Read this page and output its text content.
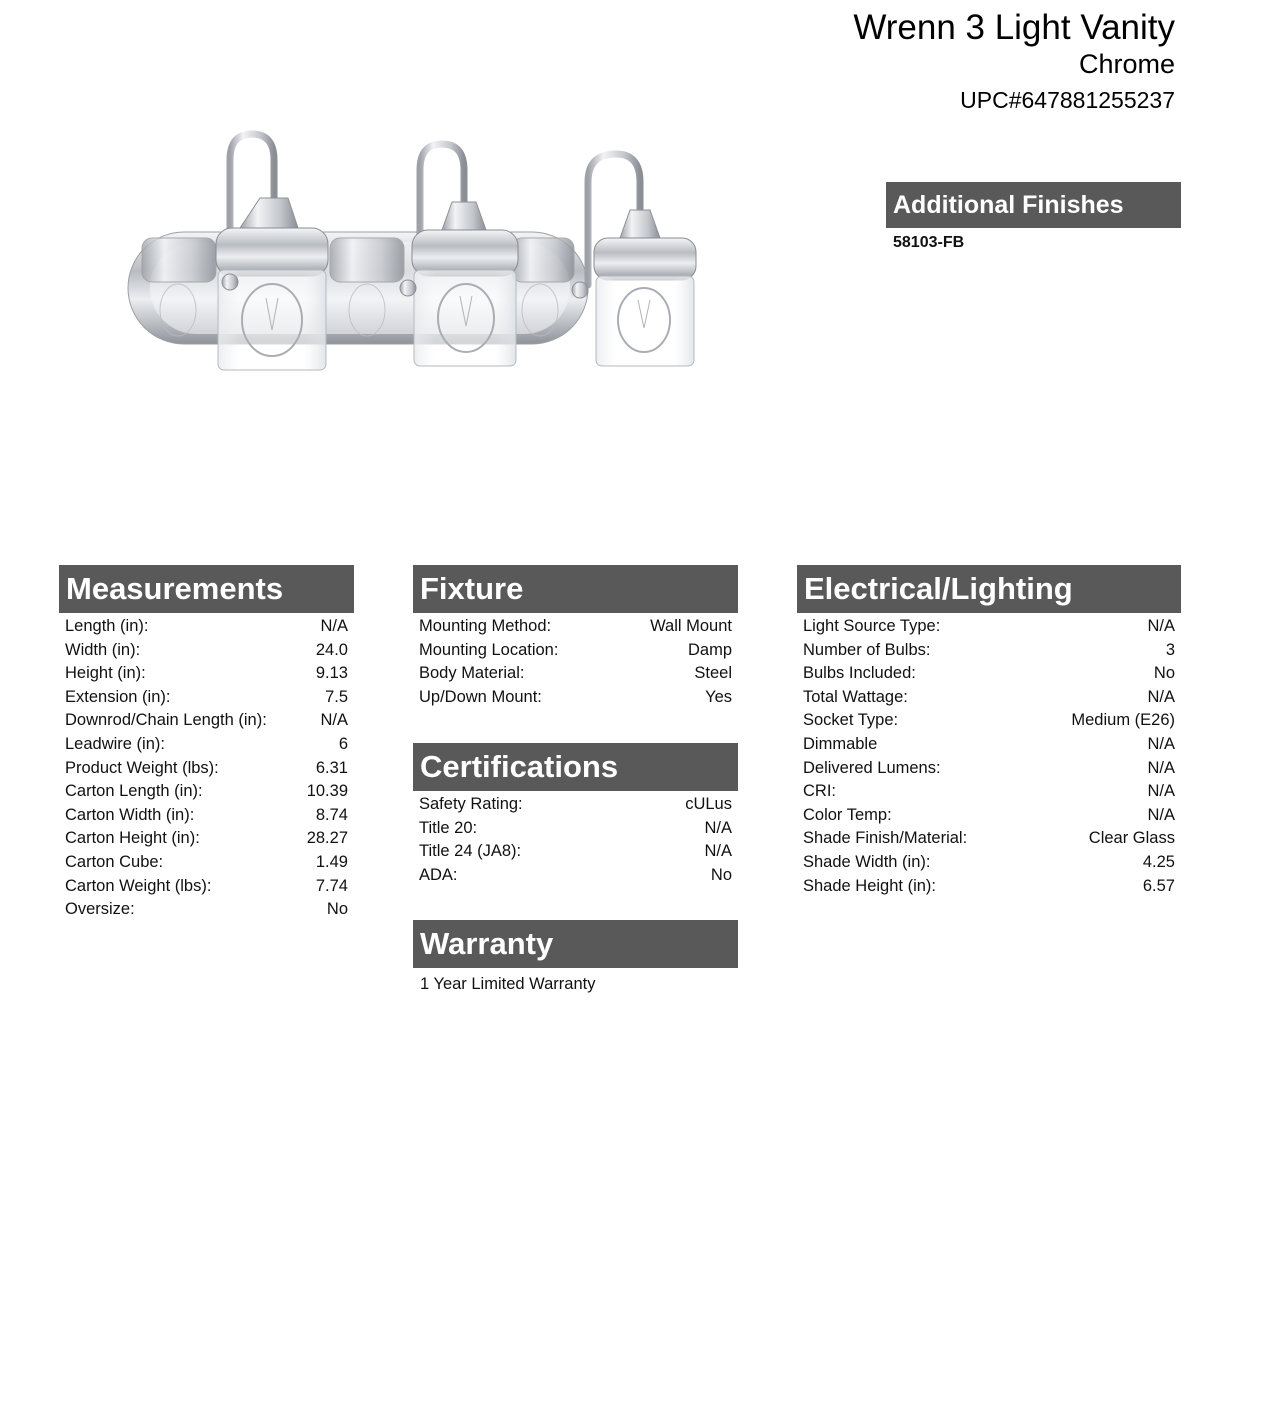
Wrenn 3 Light Vanity
Chrome
UPC#647881255237
Additional Finishes
58103-FB
Measurements
Length (in):	N/A
Width (in):	24.0
Height (in):	9.13
Extension (in):	7.5
Downrod/Chain Length (in):	N/A
Leadwire (in):	6
Product Weight (lbs):	6.31
Carton Length (in):	10.39
Carton Width (in):	8.74
Carton Height (in):	28.27
Carton Cube:	1.49
Carton Weight (lbs):	7.74
Oversize:	No
Fixture
Mounting Method:	Wall Mount
Mounting Location:	Damp
Body Material:	Steel
Up/Down Mount:	Yes
Certifications
Safety Rating:	cULus
Title 20:	N/A
Title 24 (JA8):	N/A
ADA:	No
Warranty
1 Year Limited Warranty
Electrical/Lighting
Light Source Type:	N/A
Number of Bulbs:	3
Bulbs Included:	No
Total Wattage:	N/A
Socket Type:	Medium (E26)
Dimmable	N/A
Delivered Lumens:	N/A
CRI:	N/A
Color Temp:	N/A
Shade Finish/Material:	Clear Glass
Shade Width (in):	4.25
Shade Height (in):	6.57
